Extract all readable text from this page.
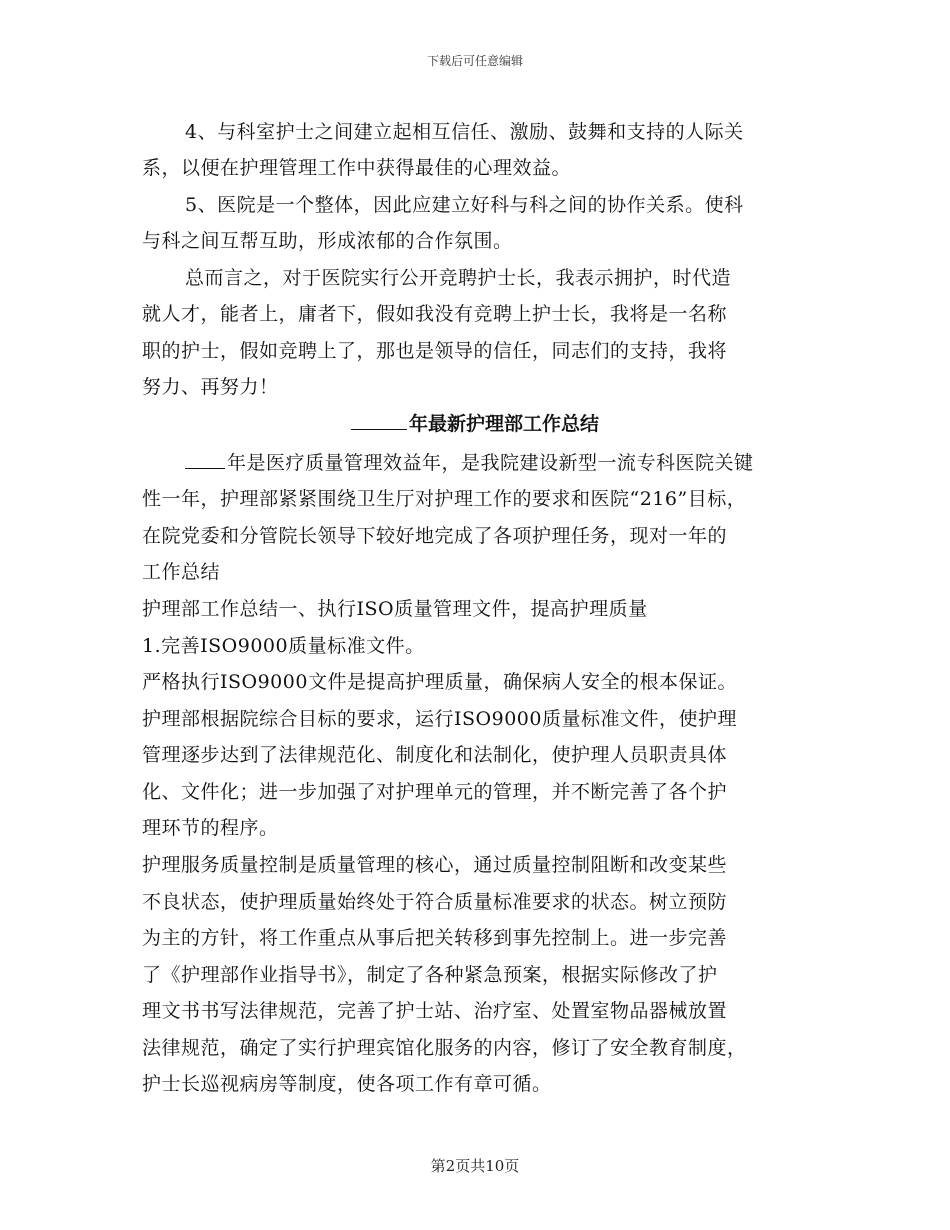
下载后可任意编辑
4、与科室护士之间建立起相互信任、激励、鼓舞和支持的人际关
系，以便在护理管理工作中获得最佳的心理效益。
5、医院是一个整体，因此应建立好科与科之间的协作关系。使科
与科之间互帮互助，形成浓郁的合作氛围。
总而言之，对于医院实行公开竞聘护士长，我表示拥护，时代造
就人才，能者上，庸者下，假如我没有竞聘上护士长，我将是一名称
职的护士，假如竞聘上了，那也是领导的信任，同志们的支持，我将
努力、再努力！
年最新护理部工作总结
年是医疗质量管理效益年，是我院建设新型一流专科医院关键
性一年，护理部紧紧围绕卫生厅对护理工作的要求和医院“216”目标，
在院党委和分管院长领导下较好地完成了各项护理任务，现对一年的
工作总结
护理部工作总结一、执行ISO质量管理文件，提高护理质量
1.完善ISO9000质量标准文件。
严格执行ISO9000文件是提高护理质量，确保病人安全的根本保证。
护理部根据院综合目标的要求，运行ISO9000质量标准文件，使护理
管理逐步达到了法律规范化、制度化和法制化，使护理人员职责具体
化、文件化；进一步加强了对护理单元的管理，并不断完善了各个护
理环节的程序。
护理服务质量控制是质量管理的核心，通过质量控制阻断和改变某些
不良状态，使护理质量始终处于符合质量标准要求的状态。树立预防
为主的方针，将工作重点从事后把关转移到事先控制上。进一步完善
了《护理部作业指导书》，制定了各种紧急预案，根据实际修改了护
理文书书写法律规范，完善了护士站、治疗室、处置室物品器械放置
法律规范，确定了实行护理宾馆化服务的内容，修订了安全教育制度，
护士长巡视病房等制度，使各项工作有章可循。
第2页共10页
